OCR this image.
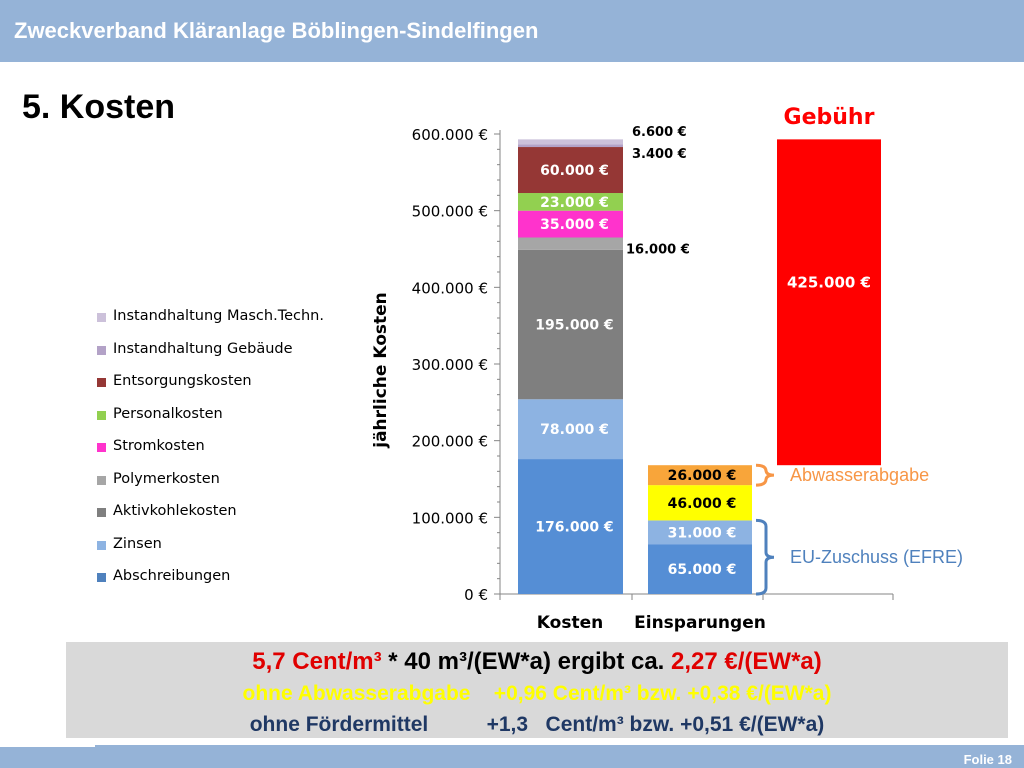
Zweckverband Kläranlage Böblingen-Sindelfingen
5. Kosten
0 €
100.000 €
200.000 €
300.000 €
400.000 €
500.000 €
600.000 €
jährliche Kosten
Kosten Einsparungen
176.000 €
78.000 €
195.000 €
35.000 €
23.000 €
60.000 €
16.000 €
6.600 €
3.400 €
65.000 €
31.000 €
46.000 €
26.000 €
425.000 €
Gebühr
Abwasserabgabe
EU-Zuschuss (EFRE)
Instandhaltung Masch.Techn.
Instandhaltung Gebäude
Entsorgungskosten
Personalkosten
Stromkosten
Polymerkosten
Aktivkohlekosten
Zinsen
Abschreibungen
5,7 Cent/m³ * 40 m³/(EW*a) ergibt ca. 2,27 €/(EW*a)
ohne Abwasserabgabe    +0,96 Cent/m³ bzw. +0,38 €/(EW*a)
ohne Fördermittel          +1,3   Cent/m³ bzw. +0,51 €/(EW*a)
Folie 18
